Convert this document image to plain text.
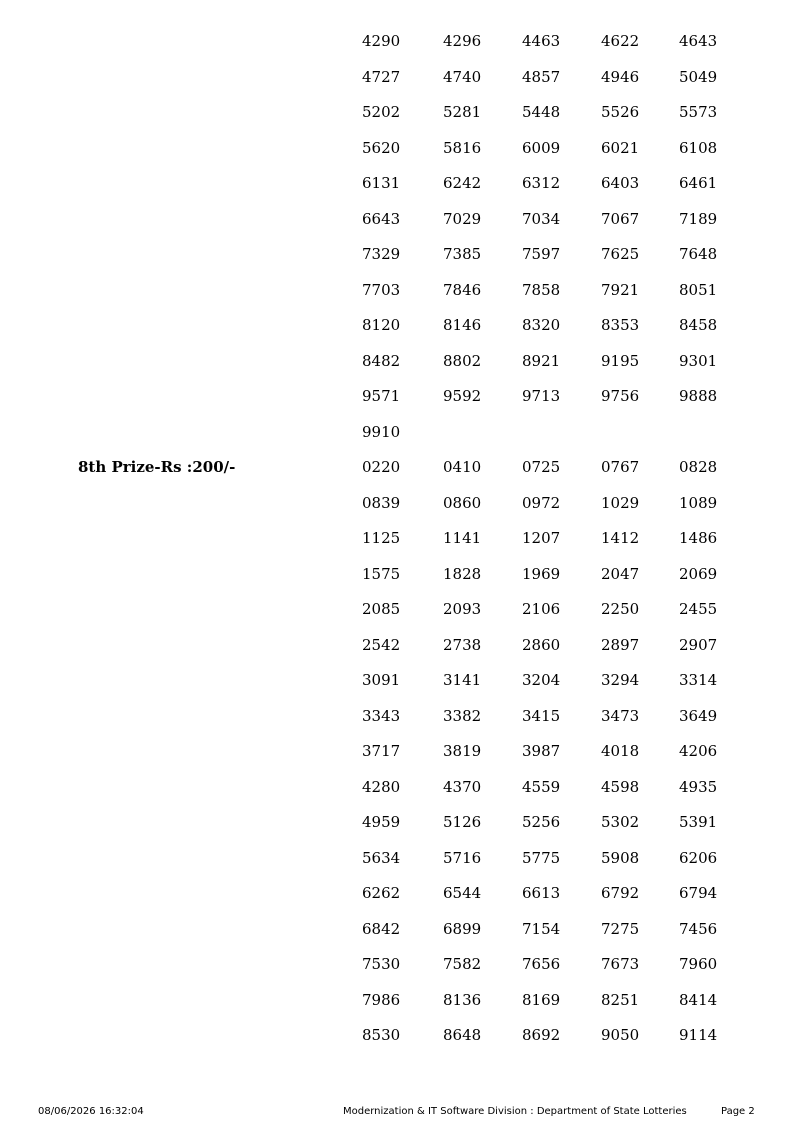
4290	4296	4463	4622	4643
4727	4740	4857	4946	5049
5202	5281	5448	5526	5573
5620	5816	6009	6021	6108
6131	6242	6312	6403	6461
6643	7029	7034	7067	7189
7329	7385	7597	7625	7648
7703	7846	7858	7921	8051
8120	8146	8320	8353	8458
8482	8802	8921	9195	9301
9571	9592	9713	9756	9888
9910
8th Prize-Rs :200/-	0220	0410	0725	0767	0828
0839	0860	0972	1029	1089
1125	1141	1207	1412	1486
1575	1828	1969	2047	2069
2085	2093	2106	2250	2455
2542	2738	2860	2897	2907
3091	3141	3204	3294	3314
3343	3382	3415	3473	3649
3717	3819	3987	4018	4206
4280	4370	4559	4598	4935
4959	5126	5256	5302	5391
5634	5716	5775	5908	6206
6262	6544	6613	6792	6794
6842	6899	7154	7275	7456
7530	7582	7656	7673	7960
7986	8136	8169	8251	8414
8530	8648	8692	9050	9114
08/06/2026 16:32:04	Modernization & IT Software Division : Department of State Lotteries	Page 2
